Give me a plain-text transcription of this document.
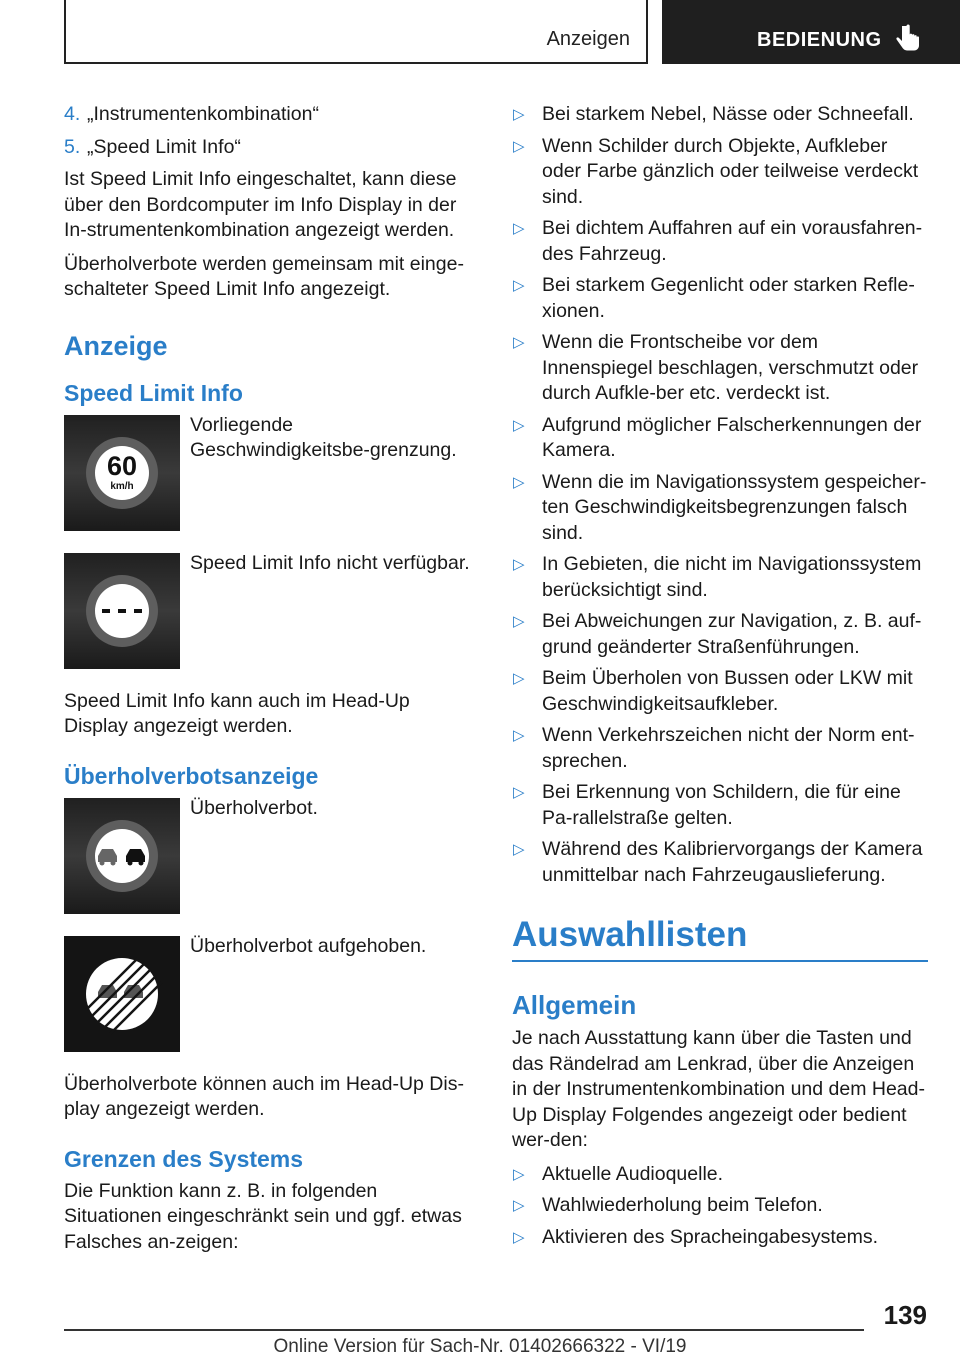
Anzeigen	BEDIENUNG
4. „Instrumentenkombination“
5. „Speed Limit Info“

Ist Speed Limit Info eingeschaltet, kann diese über den Bordcomputer im Info Display in der In-strumentenkombination angezeigt werden.

Überholverbote werden gemeinsam mit einge-schalteter Speed Limit Info angezeigt.

Anzeige
Speed Limit Info
60
km/h
Vorliegende Geschwindigkeitsbe-grenzung.
Speed Limit Info nicht verfügbar.

Speed Limit Info kann auch im Head-Up Display angezeigt werden.

Überholverbotsanzeige
Überholverbot.
Überholverbot aufgehoben.

Überholverbote können auch im Head-Up Dis-play angezeigt werden.

Grenzen des Systems

Die Funktion kann z. B. in folgenden Situationen eingeschränkt sein und ggf. etwas Falsches an-zeigen:

▷ Bei starkem Nebel, Nässe oder Schneefall.
▷ Wenn Schilder durch Objekte, Aufkleber oder Farbe gänzlich oder teilweise verdeckt sind.
▷ Bei dichtem Auffahren auf ein vorausfahren-des Fahrzeug.
▷ Bei starkem Gegenlicht oder starken Refle-xionen.
▷ Wenn die Frontscheibe vor dem Innenspiegel beschlagen, verschmutzt oder durch Aufkle-ber etc. verdeckt ist.
▷ Aufgrund möglicher Falscherkennungen der Kamera.
▷ Wenn die im Navigationssystem gespeicher-ten Geschwindigkeitsbegrenzungen falsch sind.
▷ In Gebieten, die nicht im Navigationssystem berücksichtigt sind.
▷ Bei Abweichungen zur Navigation, z. B. auf-grund geänderter Straßenführungen.
▷ Beim Überholen von Bussen oder LKW mit Geschwindigkeitsaufkleber.
▷ Wenn Verkehrszeichen nicht der Norm ent-sprechen.
▷ Bei Erkennung von Schildern, die für eine Pa-rallelstraße gelten.
▷ Während des Kalibriervorgangs der Kamera unmittelbar nach Fahrzeugauslieferung.
Auswahllisten
Allgemein

Je nach Ausstattung kann über die Tasten und das Rändelrad am Lenkrad, über die Anzeigen in der Instrumentenkombination und dem Head-Up Display Folgendes angezeigt oder bedient wer-den:

▷ Aktuelle Audioquelle.
▷ Wahlwiederholung beim Telefon.
▷ Aktivieren des Spracheingabesystems.
139
Online Version für Sach-Nr. 01402666322 - VI/19
